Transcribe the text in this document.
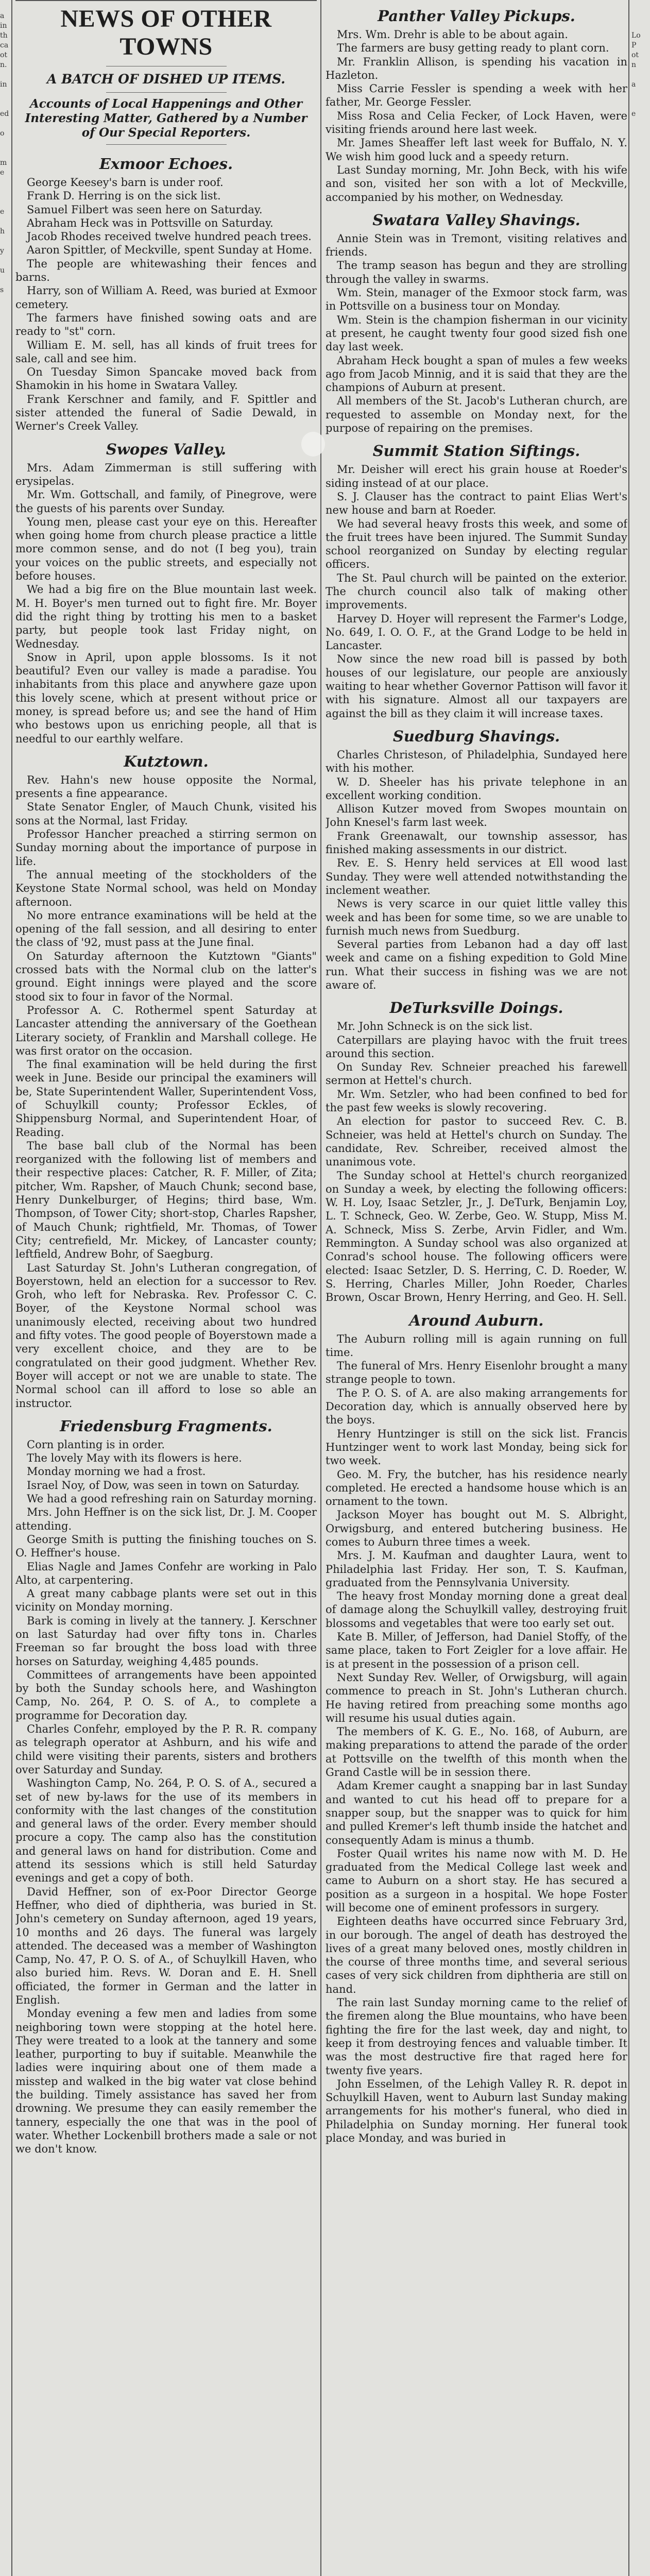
a
in
th
ca
ot
n.
in
ed
o
m
e
e
h
y
u
s
NEWS OF OTHER TOWNS
A BATCH OF DISHED UP ITEMS.
Accounts of Local Happenings and Other Interesting Matter, Gathered by a Number of Our Special Reporters.
Exmoor Echoes.

George Keesey's barn is under roof.

Frank D. Herring is on the sick list.

Samuel Filbert was seen here on Saturday.

Abraham Heck was in Pottsville on Saturday.

Jacob Rhodes received twelve hundred peach trees.

Aaron Spittler, of Meckville, spent Sunday at Home.

The people are whitewashing their fences and barns.

Harry, son of William A. Reed, was buried at Exmoor cemetery.

The farmers have finished sowing oats and are ready to "st" corn.

William E. M. sell, has all kinds of fruit trees for sale, call and see him.

On Tuesday Simon Spancake moved back from Shamokin in his home in Swatara Valley.

Frank Kerschner and family, and F. Spittler and sister attended the funeral of Sadie Dewald, in Werner's Creek Valley.

Swopes Valley.

Mrs. Adam Zimmerman is still suffering with erysipelas.

Mr. Wm. Gottschall, and family, of Pinegrove, were the guests of his parents over Sunday.

Young men, please cast your eye on this. Hereafter when going home from church please practice a little more common sense, and do not (I beg you), train your voices on the public streets, and especially not before houses.

We had a big fire on the Blue mountain last week. M. H. Boyer's men turned out to fight fire. Mr. Boyer did the right thing by trotting his men to a basket party, but people took last Friday night, on Wednesday.

Snow in April, upon apple blossoms. Is it not beautiful? Even our valley is made a paradise. You inhabitants from this place and anywhere gaze upon this lovely scene, which at present without price or money, is spread before us; and see the hand of Him who bestows upon us enriching people, all that is needful to our earthly welfare.

Kutztown.

Rev. Hahn's new house opposite the Normal, presents a fine appearance.

State Senator Engler, of Mauch Chunk, visited his sons at the Normal, last Friday.

Professor Hancher preached a stirring sermon on Sunday morning about the importance of purpose in life.

The annual meeting of the stockholders of the Keystone State Normal school, was held on Monday afternoon.

No more entrance examinations will be held at the opening of the fall session, and all desiring to enter the class of '92, must pass at the June final.

On Saturday afternoon the Kutztown "Giants" crossed bats with the Normal club on the latter's ground. Eight innings were played and the score stood six to four in favor of the Normal.

Professor A. C. Rothermel spent Saturday at Lancaster attending the anniversary of the Goethean Literary society, of Franklin and Marshall college. He was first orator on the occasion.

The final examination will be held during the first week in June. Beside our principal the examiners will be, State Superintendent Waller, Superintendent Voss, of Schuylkill county; Professor Eckles, of Shippensburg Normal, and Superintendent Hoar, of Reading.

The base ball club of the Normal has been reorganized with the following list of members and their respective places: Catcher, R. F. Miller, of Zita; pitcher, Wm. Rapsher, of Mauch Chunk; second base, Henry Dunkelburger, of Hegins; third base, Wm. Thompson, of Tower City; short-stop, Charles Rapsher, of Mauch Chunk; rightfield, Mr. Thomas, of Tower City; centrefield, Mr. Mickey, of Lancaster county; leftfield, Andrew Bohr, of Saegburg.

Last Saturday St. John's Lutheran congregation, of Boyerstown, held an election for a successor to Rev. Groh, who left for Nebraska. Rev. Professor C. C. Boyer, of the Keystone Normal school was unanimously elected, receiving about two hundred and fifty votes. The good people of Boyerstown made a very excellent choice, and they are to be congratulated on their good judgment. Whether Rev. Boyer will accept or not we are unable to state. The Normal school can ill afford to lose so able an instructor.

Friedensburg Fragments.

Corn planting is in order.

The lovely May with its flowers is here.

Monday morning we had a frost.

Israel Noy, of Dow, was seen in town on Saturday.

We had a good refreshing rain on Saturday morning.

Mrs. John Heffner is on the sick list, Dr. J. M. Cooper attending.

George Smith is putting the finishing touches on S. O. Heffner's house.

Elias Nagle and James Confehr are working in Palo Alto, at carpentering.

A great many cabbage plants were set out in this vicinity on Monday morning.

Bark is coming in lively at the tannery. J. Kerschner on last Saturday had over fifty tons in. Charles Freeman so far brought the boss load with three horses on Saturday, weighing 4,485 pounds.

Committees of arrangements have been appointed by both the Sunday schools here, and Washington Camp, No. 264, P. O. S. of A., to complete a programme for Decoration day.

Charles Confehr, employed by the P. R. R. company as telegraph operator at Ashburn, and his wife and child were visiting their parents, sisters and brothers over Saturday and Sunday.

Washington Camp, No. 264, P. O. S. of A., secured a set of new by-laws for the use of its members in conformity with the last changes of the constitution and general laws of the order. Every member should procure a copy. The camp also has the constitution and general laws on hand for distribution. Come and attend its sessions which is still held Saturday evenings and get a copy of both.

David Heffner, son of ex-Poor Director George Heffner, who died of diphtheria, was buried in St. John's cemetery on Sunday afternoon, aged 19 years, 10 months and 26 days. The funeral was largely attended. The deceased was a member of Washington Camp, No. 47, P. O. S. of A., of Schuylkill Haven, who also buried him. Revs. W. Doran and E. H. Snell officiated, the former in German and the latter in English.

Monday evening a few men and ladies from some neighboring town were stopping at the hotel here. They were treated to a look at the tannery and some leather, purporting to buy if suitable. Meanwhile the ladies were inquiring about one of them made a misstep and walked in the big water vat close behind the building. Timely assistance has saved her from drowning. We presume they can easily remember the tannery, especially the one that was in the pool of water. Whether Lockenbill brothers made a sale or not we don't know.

Panther Valley Pickups.

Mrs. Wm. Drehr is able to be about again.

The farmers are busy getting ready to plant corn.

Mr. Franklin Allison, is spending his vacation in Hazleton.

Miss Carrie Fessler is spending a week with her father, Mr. George Fessler.

Miss Rosa and Celia Fecker, of Lock Haven, were visiting friends around here last week.

Mr. James Sheaffer left last week for Buffalo, N. Y. We wish him good luck and a speedy return.

Last Sunday morning, Mr. John Beck, with his wife and son, visited her son with a lot of Meckville, accompanied by his mother, on Wednesday.

Swatara Valley Shavings.

Annie Stein was in Tremont, visiting relatives and friends.

The tramp season has begun and they are strolling through the valley in swarms.

Wm. Stein, manager of the Exmoor stock farm, was in Pottsville on a business tour on Monday.

Wm. Stein is the champion fisherman in our vicinity at present, he caught twenty four good sized fish one day last week.

Abraham Heck bought a span of mules a few weeks ago from Jacob Minnig, and it is said that they are the champions of Auburn at present.

All members of the St. Jacob's Lutheran church, are requested to assemble on Monday next, for the purpose of repairing on the premises.

Summit Station Siftings.

Mr. Deisher will erect his grain house at Roeder's siding instead of at our place.

S. J. Clauser has the contract to paint Elias Wert's new house and barn at Roeder.

We had several heavy frosts this week, and some of the fruit trees have been injured. The Summit Sunday school reorganized on Sunday by electing regular officers.

The St. Paul church will be painted on the exterior. The church council also talk of making other improvements.

Harvey D. Hoyer will represent the Farmer's Lodge, No. 649, I. O. O. F., at the Grand Lodge to be held in Lancaster.

Now since the new road bill is passed by both houses of our legislature, our people are anxiously waiting to hear whether Governor Pattison will favor it with his signature. Almost all our taxpayers are against the bill as they claim it will increase taxes.

Suedburg Shavings.

Charles Christeson, of Philadelphia, Sundayed here with his mother.

W. D. Sheeler has his private telephone in an excellent working condition.

Allison Kutzer moved from Swopes mountain on John Knesel's farm last week.

Frank Greenawalt, our township assessor, has finished making assessments in our district.

Rev. E. S. Henry held services at Ell wood last Sunday. They were well attended notwithstanding the inclement weather.

News is very scarce in our quiet little valley this week and has been for some time, so we are unable to furnish much news from Suedburg.

Several parties from Lebanon had a day off last week and came on a fishing expedition to Gold Mine run. What their success in fishing was we are not aware of.

DeTurksville Doings.

Mr. John Schneck is on the sick list.

Caterpillars are playing havoc with the fruit trees around this section.

On Sunday Rev. Schneier preached his farewell sermon at Hettel's church.

Mr. Wm. Setzler, who had been confined to bed for the past few weeks is slowly recovering.

An election for pastor to succeed Rev. C. B. Schneier, was held at Hettel's church on Sunday. The candidate, Rev. Schreiber, received almost the unanimous vote.

The Sunday school at Hettel's church reorganized on Sunday a week, by electing the following officers: W. H. Loy, Isaac Setzler, Jr., J. DeTurk, Benjamin Loy, L. T. Schneck, Geo. W. Zerbe, Geo. W. Stupp, Miss M. A. Schneck, Miss S. Zerbe, Arvin Fidler, and Wm. Remmington. A Sunday school was also organized at Conrad's school house. The following officers were elected: Isaac Setzler, D. S. Herring, C. D. Roeder, W. S. Herring, Charles Miller, John Roeder, Charles Brown, Oscar Brown, Henry Herring, and Geo. H. Sell.

Around Auburn.

The Auburn rolling mill is again running on full time.

The funeral of Mrs. Henry Eisenlohr brought a many strange people to town.

The P. O. S. of A. are also making arrangements for Decoration day, which is annually observed here by the boys.

Henry Huntzinger is still on the sick list. Francis Huntzinger went to work last Monday, being sick for two week.

Geo. M. Fry, the butcher, has his residence nearly completed. He erected a handsome house which is an ornament to the town.

Jackson Moyer has bought out M. S. Albright, Orwigsburg, and entered butchering business. He comes to Auburn three times a week.

Mrs. J. M. Kaufman and daughter Laura, went to Philadelphia last Friday. Her son, T. S. Kaufman, graduated from the Pennsylvania University.

The heavy frost Monday morning done a great deal of damage along the Schuylkill valley, destroying fruit blossoms and vegetables that were too early set out.

Kate B. Miller, of Jefferson, had Daniel Stoffy, of the same place, taken to Fort Zeigler for a love affair. He is at present in the possession of a prison cell.

Next Sunday Rev. Weller, of Orwigsburg, will again commence to preach in St. John's Lutheran church. He having retired from preaching some months ago will resume his usual duties again.

The members of K. G. E., No. 168, of Auburn, are making preparations to attend the parade of the order at Pottsville on the twelfth of this month when the Grand Castle will be in session there.

Adam Kremer caught a snapping bar in last Sunday and wanted to cut his head off to prepare for a snapper soup, but the snapper was to quick for him and pulled Kremer's left thumb inside the hatchet and consequently Adam is minus a thumb.

Foster Quail writes his name now with M. D. He graduated from the Medical College last week and came to Auburn on a short stay. He has secured a position as a surgeon in a hospital. We hope Foster will become one of eminent professors in surgery.

Eighteen deaths have occurred since February 3rd, in our borough. The angel of death has destroyed the lives of a great many beloved ones, mostly children in the course of three months time, and several serious cases of very sick children from diphtheria are still on hand.

The rain last Sunday morning came to the relief of the firemen along the Blue mountains, who have been fighting the fire for the last week, day and night, to keep it from destroying fences and valuable timber. It was the most destructive fire that raged here for twenty five years.

John Esselmen, of the Lehigh Valley R. R. depot in Schuylkill Haven, went to Auburn last Sunday making arrangements for his mother's funeral, who died in Philadelphia on Sunday morning. Her funeral took place Monday, and was buried in

Lo
P
ot
n
a
e
